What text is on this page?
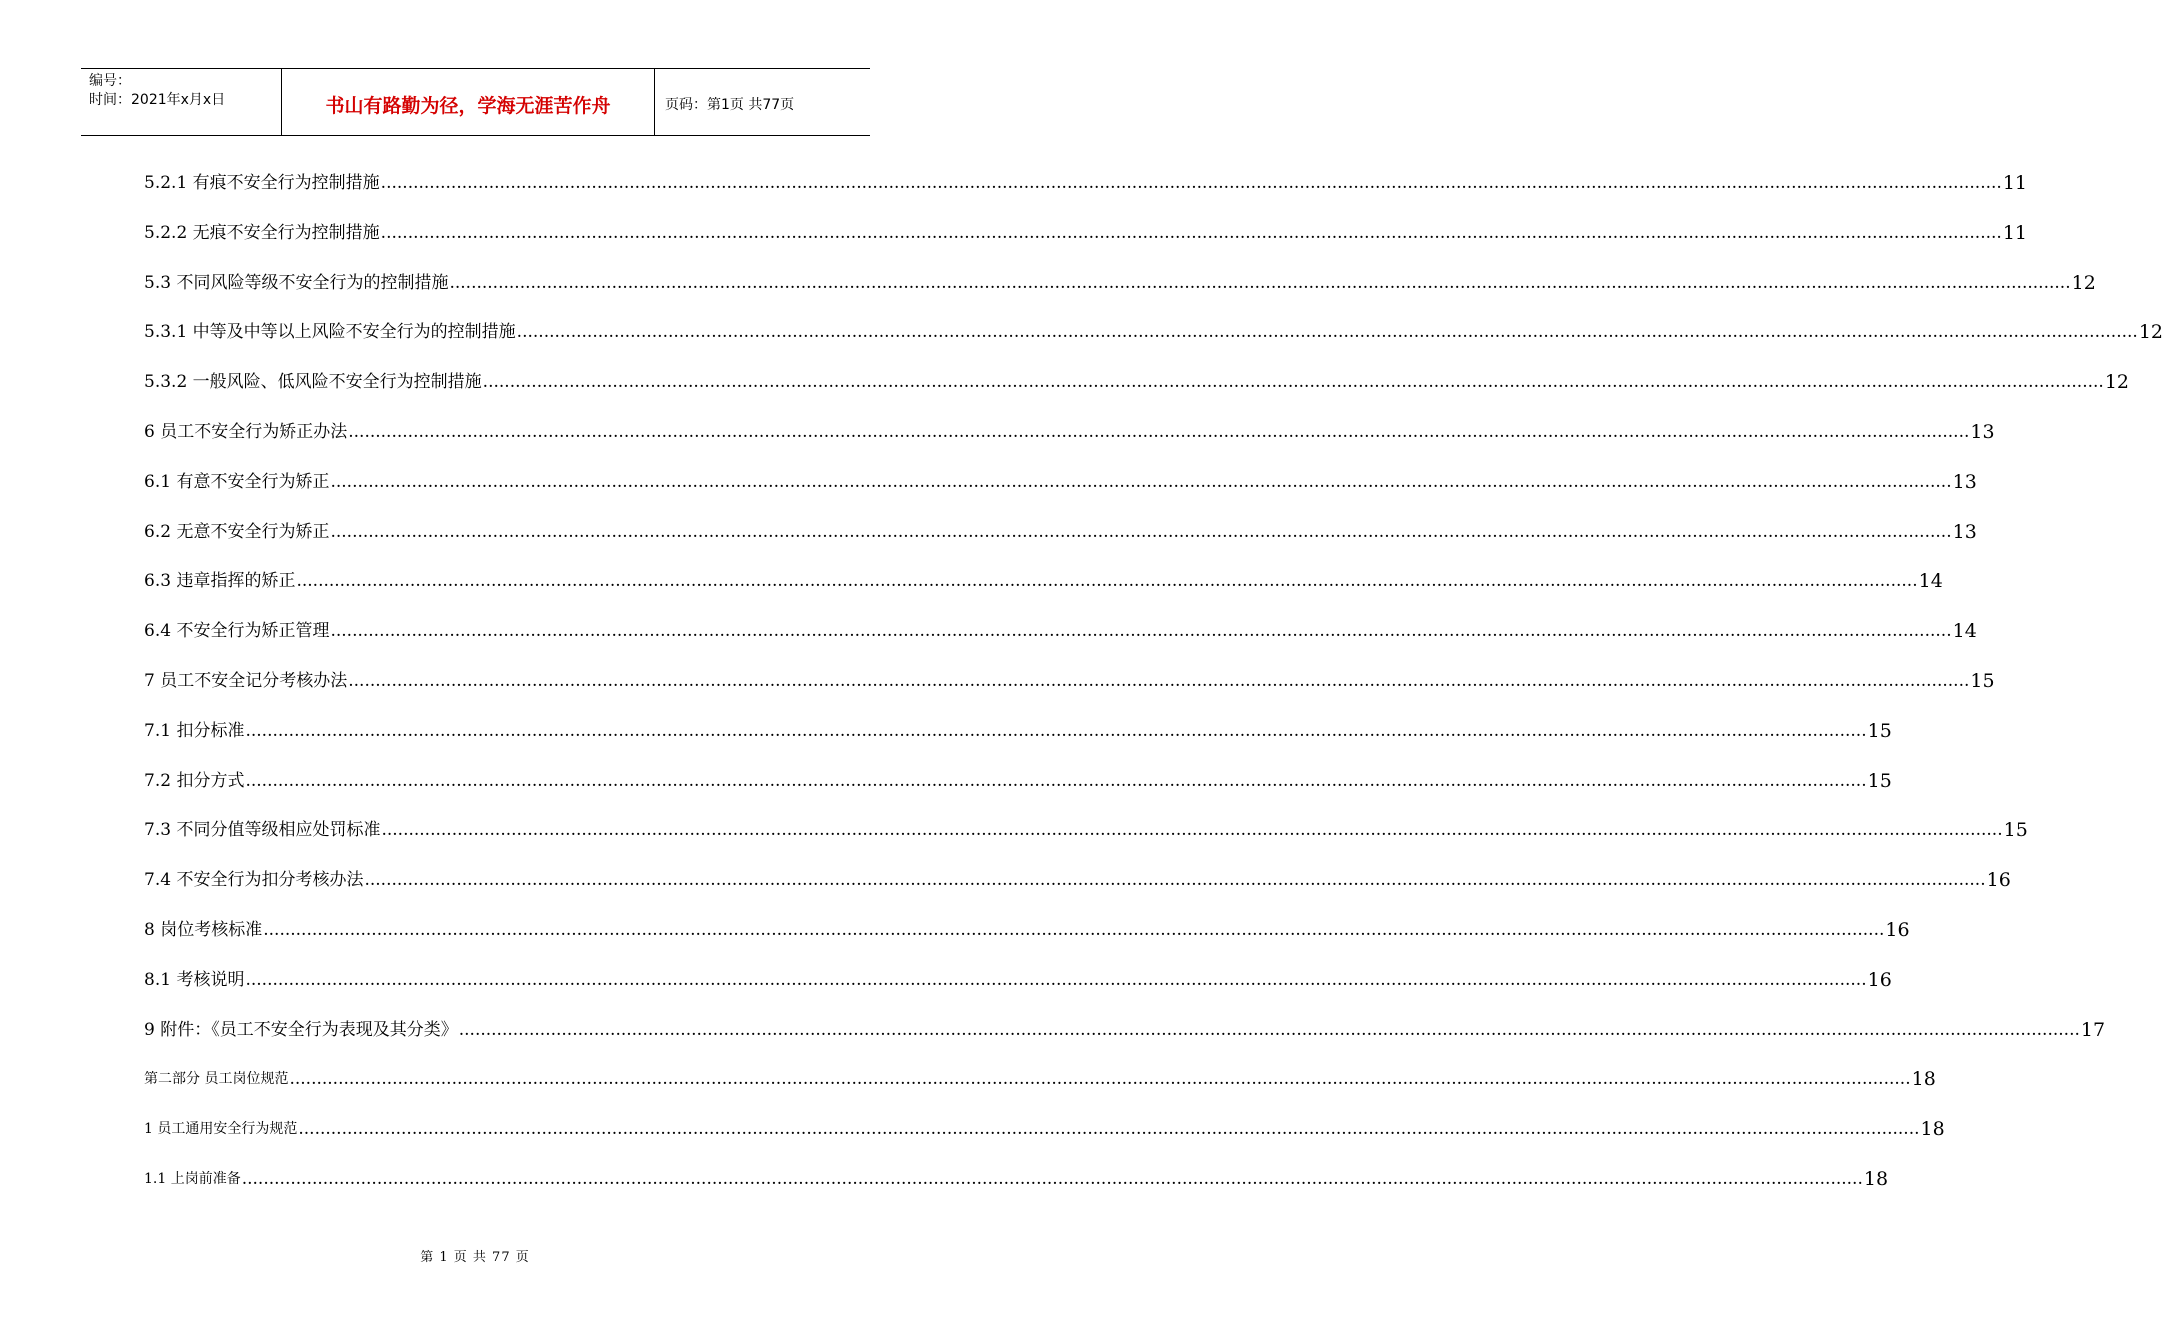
编号：
时间：2021年x月x日	书山有路勤为径，学海无涯苦作舟	页码：第1页 共77页
5.2.1 有痕不安全行为控制措施 ............................................................................................................................................................................................................................................................................................................ 11
5.2.2 无痕不安全行为控制措施 ............................................................................................................................................................................................................................................................................................................ 11
5.3 不同风险等级不安全行为的控制措施 ............................................................................................................................................................................................................................................................................................................ 12
5.3.1 中等及中等以上风险不安全行为的控制措施 ............................................................................................................................................................................................................................................................................................................ 12
5.3.2 一般风险、低风险不安全行为控制措施 ............................................................................................................................................................................................................................................................................................................ 12
6 员工不安全行为矫正办法 ............................................................................................................................................................................................................................................................................................................ 13
6.1 有意不安全行为矫正 ............................................................................................................................................................................................................................................................................................................ 13
6.2 无意不安全行为矫正 ............................................................................................................................................................................................................................................................................................................ 13
6.3 违章指挥的矫正 ............................................................................................................................................................................................................................................................................................................ 14
6.4 不安全行为矫正管理 ............................................................................................................................................................................................................................................................................................................ 14
7 员工不安全记分考核办法 ............................................................................................................................................................................................................................................................................................................ 15
7.1 扣分标准 ............................................................................................................................................................................................................................................................................................................ 15
7.2 扣分方式 ............................................................................................................................................................................................................................................................................................................ 15
7.3 不同分值等级相应处罚标准 ............................................................................................................................................................................................................................................................................................................ 15
7.4 不安全行为扣分考核办法 ............................................................................................................................................................................................................................................................................................................ 16
8 岗位考核标准 ............................................................................................................................................................................................................................................................................................................ 16
8.1 考核说明 ............................................................................................................................................................................................................................................................................................................ 16
9 附件：《员工不安全行为表现及其分类》 ............................................................................................................................................................................................................................................................................................................ 17
第二部分 员工岗位规范 ............................................................................................................................................................................................................................................................................................................ 18
1 员工通用安全行为规范 ............................................................................................................................................................................................................................................................................................................ 18
1.1 上岗前准备 ............................................................................................................................................................................................................................................................................................................ 18
第 1 页 共 77 页
